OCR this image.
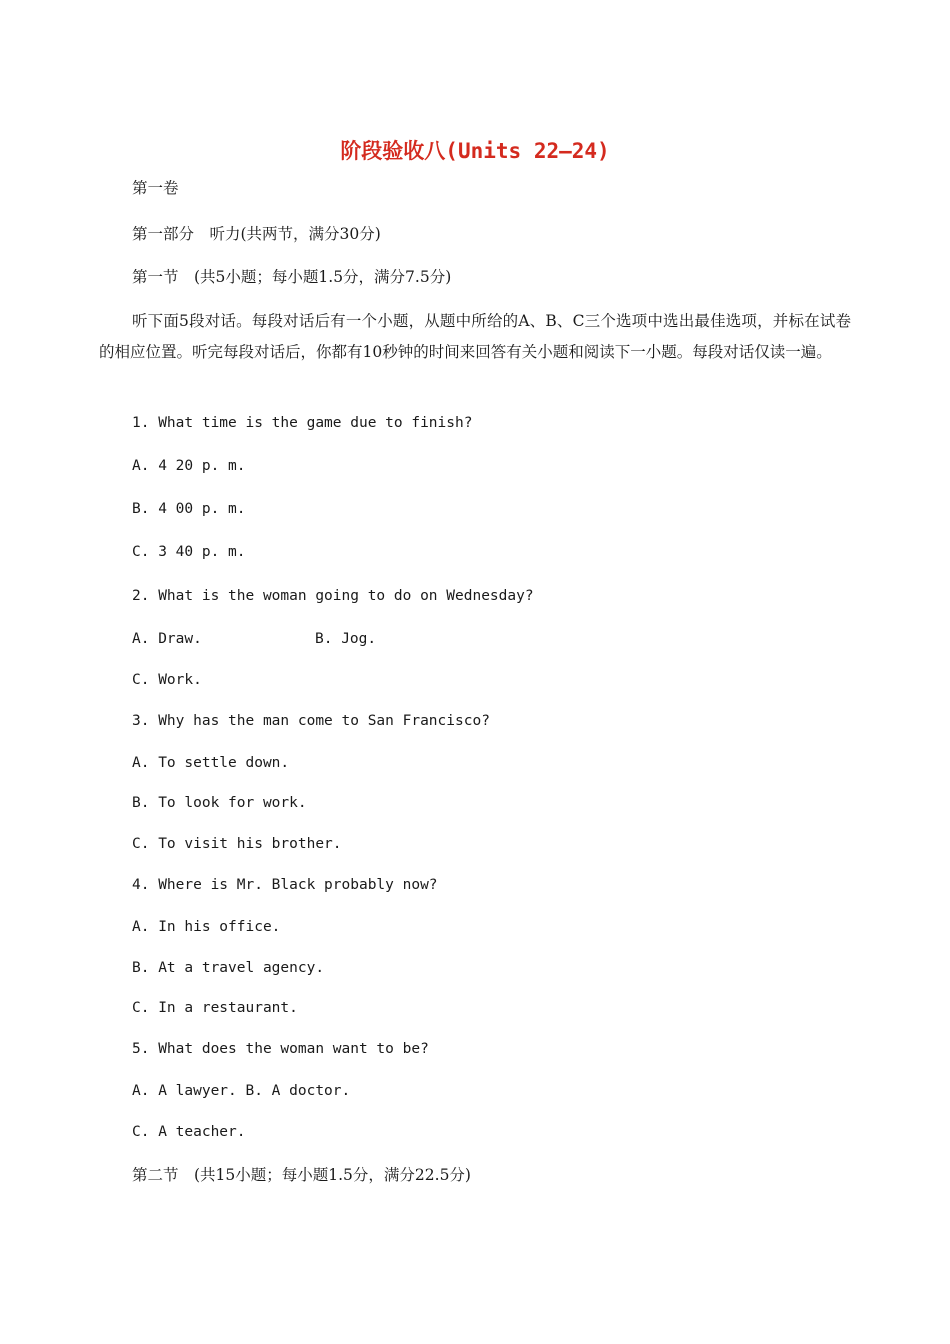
阶段验收八(Units 22—24)
第一卷
第一部分　听力(共两节，满分30分)
第一节　(共5小题；每小题1.5分，满分7.5分)
听下面5段对话。每段对话后有一个小题，从题中所给的A、B、C三个选项中选出最佳选项，并标在试卷的相应位置。听完每段对话后，你都有10秒钟的时间来回答有关小题和阅读下一小题。每段对话仅读一遍。
1. What time is the game due to finish?
A. 4 20 p. m.
B. 4 00 p. m.
C. 3 40 p. m.
2. What is the woman going to do on Wednesday?
A. Draw.	B. Jog.
C. Work.
3. Why has the man come to San Francisco?
A. To settle down.
B. To look for work.
C. To visit his brother.
4. Where is Mr. Black probably now?
A. In his office.
B. At a travel agency.
C. In a restaurant.
5. What does the woman want to be?
A. A lawyer. B. A doctor.
C. A teacher.
第二节　(共15小题；每小题1.5分，满分22.5分)
